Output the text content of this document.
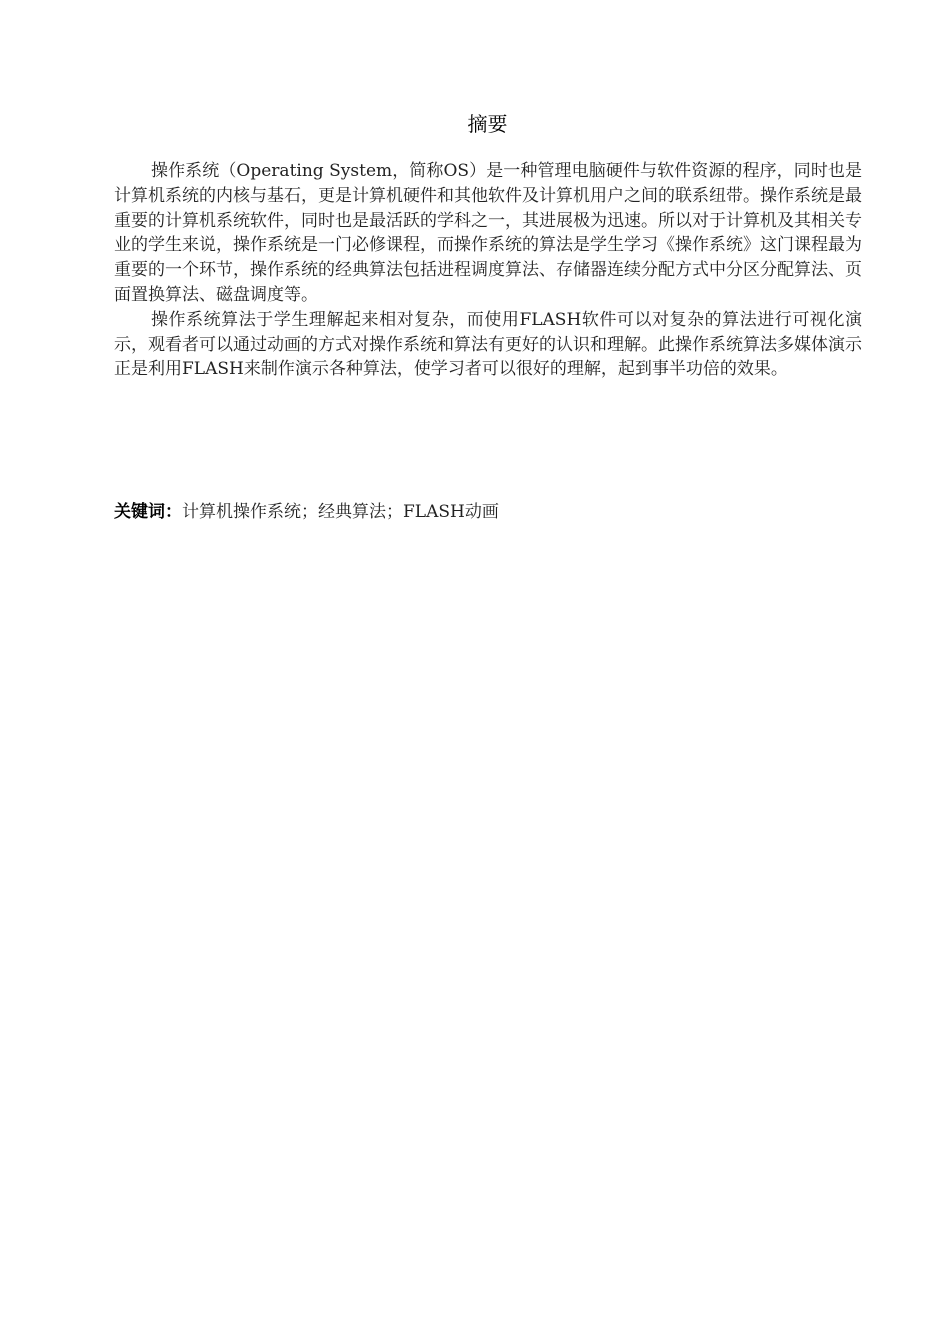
摘要

操作系统（Operating System，简称OS）是一种管理电脑硬件与软件资源的程序，同时也是计算机系统的内核与基石，更是计算机硬件和其他软件及计算机用户之间的联系纽带。操作系统是最重要的计算机系统软件，同时也是最活跃的学科之一，其进展极为迅速。所以对于计算机及其相关专业的学生来说，操作系统是一门必修课程，而操作系统的算法是学生学习《操作系统》这门课程最为重要的一个环节，操作系统的经典算法包括进程调度算法、存储器连续分配方式中分区分配算法、页面置换算法、磁盘调度等。

操作系统算法于学生理解起来相对复杂，而使用FLASH软件可以对复杂的算法进行可视化演示，观看者可以通过动画的方式对操作系统和算法有更好的认识和理解。此操作系统算法多媒体演示正是利用FLASH来制作演示各种算法，使学习者可以很好的理解，起到事半功倍的效果。

关键词：计算机操作系统；经典算法；FLASH动画
